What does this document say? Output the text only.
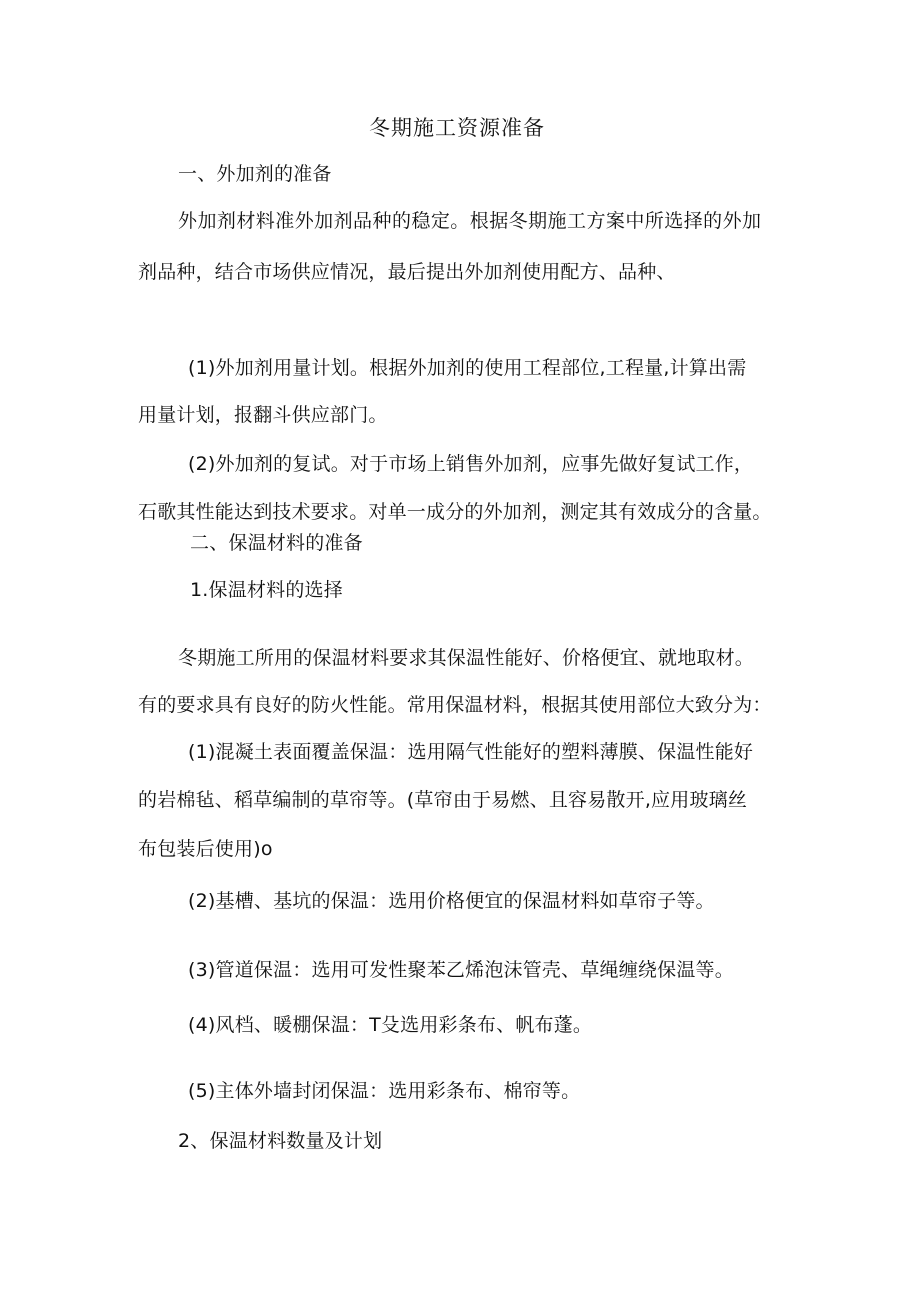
冬期施工资源准备
一、外加剂的准备
外加剂材料准外加剂品种的稳定。根据冬期施工方案中所选择的外加
剂品种，结合市场供应情况，最后提出外加剂使用配方、品种、
(1)外加剂用量计划。根据外加剂的使用工程部位,工程量,计算出需
用量计划，报翻斗供应部门。
(2)外加剂的复试。对于市场上销售外加剂，应事先做好复试工作，
石歌其性能达到技术要求。对单一成分的外加剂，测定其有效成分的含量。
二、保温材料的准备
1.保温材料的选择
冬期施工所用的保温材料要求其保温性能好、价格便宜、就地取材。
有的要求具有良好的防火性能。常用保温材料，根据其使用部位大致分为：
(1)混凝土表面覆盖保温：选用隔气性能好的塑料薄膜、保温性能好
的岩棉毡、稻草编制的草帘等。(草帘由于易燃、且容易散开,应用玻璃丝
布包装后使用)o
(2)基槽、基坑的保温：选用价格便宜的保温材料如草帘子等。
(3)管道保温：选用可发性聚苯乙烯泡沫管壳、草绳缠绕保温等。
(4)风档、暖棚保温：T殳选用彩条布、帆布蓬。
(5)主体外墙封闭保温：选用彩条布、棉帘等。
2、保温材料数量及计划
